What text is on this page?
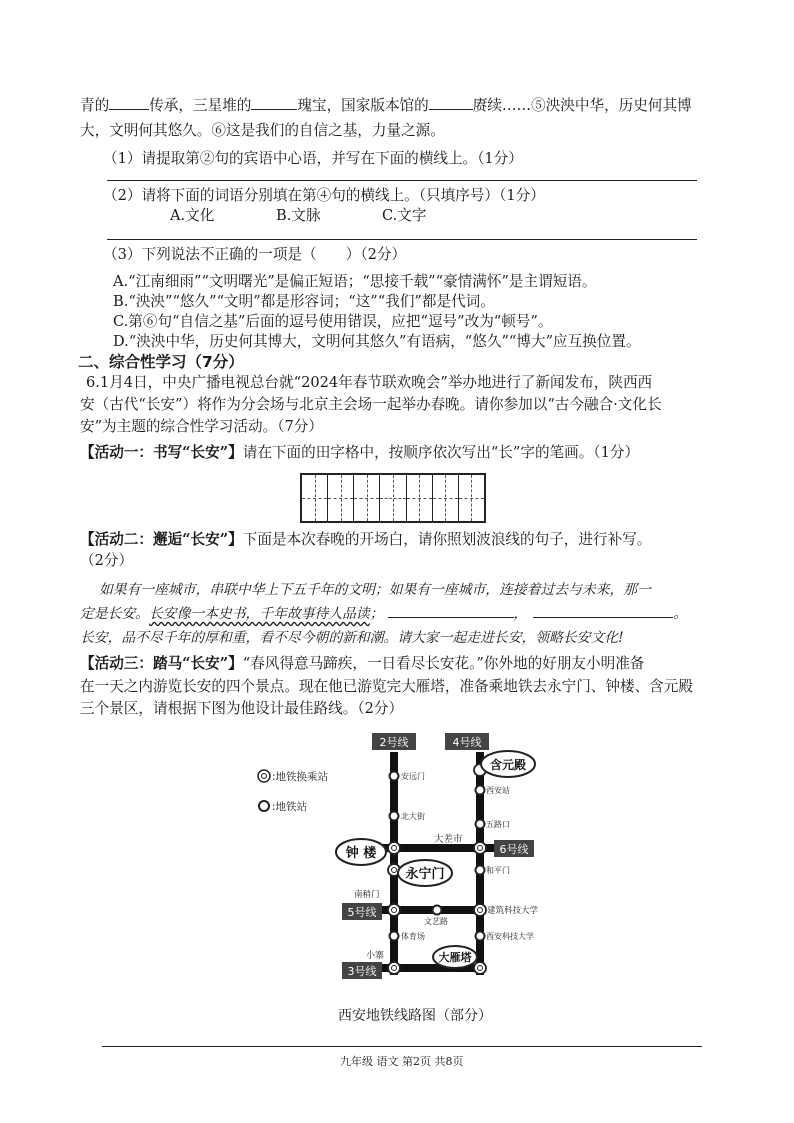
青的	传承，三星堆的	瑰宝，国家版本馆的	赓续……⑤泱泱中华，历史何其博
大，文明何其悠久。⑥这是我们的自信之基，力量之源。
（1）请提取第②句的宾语中心语，并写在下面的横线上。（1分）
（2）请将下面的词语分别填在第④句的横线上。（只填序号）（1分）
A.文化	B.文脉	C.文字
（3）下列说法不正确的一项是（　　）（2分）
A.“江南细雨”“文明曙光”是偏正短语；“思接千载”“豪情满怀”是主谓短语。
B.“泱泱”“悠久”“文明”都是形容词；“这”“我们”都是代词。
C.第⑥句“自信之基”后面的逗号使用错误，应把“逗号”改为“顿号”。
D.“泱泱中华，历史何其博大，文明何其悠久”有语病，“悠久”“博大”应互换位置。
二、综合性学习（7分）
6.1月4日，中央广播电视总台就“2024年春节联欢晚会”举办地进行了新闻发布，陕西西
安（古代“长安”）将作为分会场与北京主会场一起举办春晚。请你参加以“古今融合·文化长
安”为主题的综合性学习活动。（7分）
【活动一：书写“长安”】请在下面的田字格中，按顺序依次写出“长”字的笔画。（1分）
【活动二：邂逅“长安”】下面是本次春晚的开场白，请你照划波浪线的句子，进行补写。
（2分）
如果有一座城市，串联中华上下五千年的文明；如果有一座城市，连接着过去与未来，那一
定是长安。长安像一本史书，千年故事待人品读；	，	。
长安，品不尽千年的厚和重，看不尽今朝的新和潮。请大家一起走进长安，领略长安文化!
【活动三：踏马“长安”】“春风得意马蹄疾，一日看尽长安花。”你外地的好朋友小明准备
在一天之内游览长安的四个景点。现在他已游览完大雁塔，准备乘地铁去永宁门、钟楼、含元殿
三个景区，请根据下图为他设计最佳路线。（2分）
:地铁换乘站
:地铁站
2号线	4号线
6号线
5号线
3号线
安远门
北大街
南稍门
体育场
小寨
西安站
五路口
大差市
和平门
建筑科技大学
西安科技大学
文艺路
钟 楼
永宁门
含元殿
大雁塔
西安地铁线路图（部分）
九年级 语文 第2页 共8页
